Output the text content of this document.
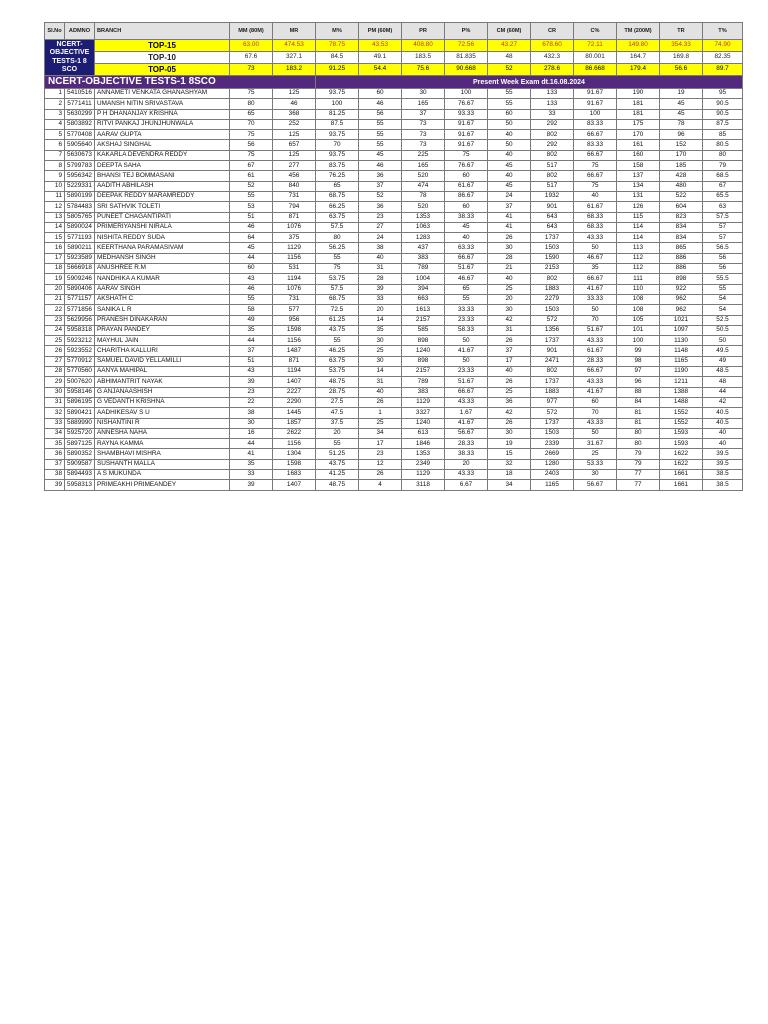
NCERT-OBJECTIVE TESTS-1 8 SCO		TOP-15	63.00	474.53	78.75	43.53	408.80	72.56	43.27	678.60	72.11	149.80	354.33	74.90
		TOP-10	67.6	327.1	84.5	49.1	183.5	81.835	48	432.3	80.001	164.7	169.8	82.35
		TOP-05	73	183.2	91.25	54.4	75.6	90.668	52	278.6	86.668	179.4	56.6	89.7
NCERT-OBJECTIVE TESTS-1 8SCO					Present Week Exam dt.16.08.2024									
Sl.No	ADMNO	BRANCH	MM (80M)	MR	M%	PM (60M)	PR	P%	CM (60M)	CR	C%	TM (200M)	TR	T%
1	5410516	ANNAMETI VENKATA GHANASHYAM	75	125	93.75	60	30	100	55	133	91.67	190	19	95
2	5771411	UMANSH NITIN SRIVASTAVA	80	46	100	46	165	76.67	55	133	91.67	181	45	90.5
3	5630299	P H DHANANJAY KRISHNA	65	368	81.25	56	37	93.33	60	33	100	181	45	90.5
4	5803892	RITVI PANKAJ JHUNJHUNWALA	70	252	87.5	55	73	91.67	50	292	83.33	175	78	87.5
5	5770408	AARAV GUPTA	75	125	93.75	55	73	91.67	40	802	66.67	170	96	85
6	5905640	AKSHAJ SINGHAL	56	657	70	55	73	91.67	50	292	83.33	161	152	80.5
7	5630673	KAKARLA DEVENDRA REDDY	75	125	93.75	45	225	75	40	802	66.67	160	170	80
8	5799783	DEEPTA SAHA	67	277	83.75	46	165	76.67	45	517	75	158	185	79
9	5956342	BHANSI TEJ BOMMASANI	61	456	76.25	36	520	60	40	802	66.67	137	428	68.5
10	5229331	AADITH ABHILASH	52	840	65	37	474	61.67	45	517	75	134	480	67
11	5890199	DEEPAK REDDY MARAMREDDY	55	731	68.75	52	78	86.67	24	1932	40	131	522	65.5
12	5784483	SRI SATHVIK TOLETI	53	794	66.25	36	520	60	37	901	61.67	126	604	63
13	5805765	PUNEET CHAGANTIPATI	51	871	63.75	23	1353	38.33	41	643	68.33	115	823	57.5
14	5890024	PRIMERIYANSHI NIRALA	46	1076	57.5	27	1063	45	41	643	68.33	114	834	57
15	5771193	NISHITA REDDY SUDA	64	375	80	24	1283	40	26	1737	43.33	114	834	57
16	5890211	KEERTHANA PARAMASIVAM	45	1129	56.25	38	437	63.33	30	1503	50	113	865	56.5
17	5923589	MEDHANSH SINGH	44	1156	55	40	383	66.67	28	1590	46.67	112	886	56
18	5666918	ANUSHREE R.M	60	531	75	31	789	51.67	21	2153	35	112	886	56
19	5909246	NANDHIKA A KUMAR	43	1194	53.75	28	1004	46.67	40	802	66.67	111	898	55.5
20	5890406	AARAV SINGH	46	1076	57.5	39	394	65	25	1883	41.67	110	922	55
21	5771157	AKSHATH C	55	731	68.75	33	663	55	20	2279	33.33	108	962	54
22	5771856	SANIKA L R	58	577	72.5	20	1613	33.33	30	1503	50	108	962	54
23	5629956	PRANESH DINAKARAN	49	956	61.25	14	2157	23.33	42	572	70	105	1021	52.5
24	5958318	PRAYAN PANDEY	35	1598	43.75	35	585	58.33	31	1356	51.67	101	1097	50.5
25	5923212	MAYHUL JAIN	44	1156	55	30	898	50	26	1737	43.33	100	1130	50
26	5923552	CHARITHA KALLURI	37	1487	46.25	25	1240	41.67	37	901	61.67	99	1148	49.5
27	5770912	SAMUEL DAVID YELLAMILLI	51	871	63.75	30	898	50	17	2471	28.33	98	1165	49
28	5770560	AANYA MAHIPAL	43	1194	53.75	14	2157	23.33	40	802	66.67	97	1190	48.5
29	5007620	ABHIMANTRIT NAYAK	39	1407	48.75	31	789	51.67	26	1737	43.33	96	1211	48
30	5958146	G ANJANAASHISH	23	2227	28.75	40	383	66.67	25	1883	41.67	88	1388	44
31	5896195	G VEDANTH KRISHNA	22	2290	27.5	26	1129	43.33	36	977	60	84	1488	42
32	5890421	AADHIKESAV S U	38	1445	47.5	1	3327	1.67	42	572	70	81	1552	40.5
33	5889990	NISHANTINI R	30	1857	37.5	25	1240	41.67	26	1737	43.33	81	1552	40.5
34	5925720	ANNESHA NAHA	16	2622	20	34	613	56.67	30	1503	50	80	1593	40
35	5897125	RAYNA KAMMA	44	1156	55	17	1846	28.33	19	2339	31.67	80	1593	40
36	5890352	SHAMBHAVI MISHRA	41	1304	51.25	23	1353	38.33	15	2669	25	79	1622	39.5
37	5909587	SUSHANTH MALLA	35	1598	43.75	12	2349	20	32	1280	53.33	79	1622	39.5
38	5894493	A S MUKUNDA	33	1683	41.25	26	1129	43.33	18	2403	30	77	1661	38.5
39	5958313	PRIMEAKHI PRIMEANDEY	39	1407	48.75	4	3118	6.67	34	1165	56.67	77	1661	38.5
